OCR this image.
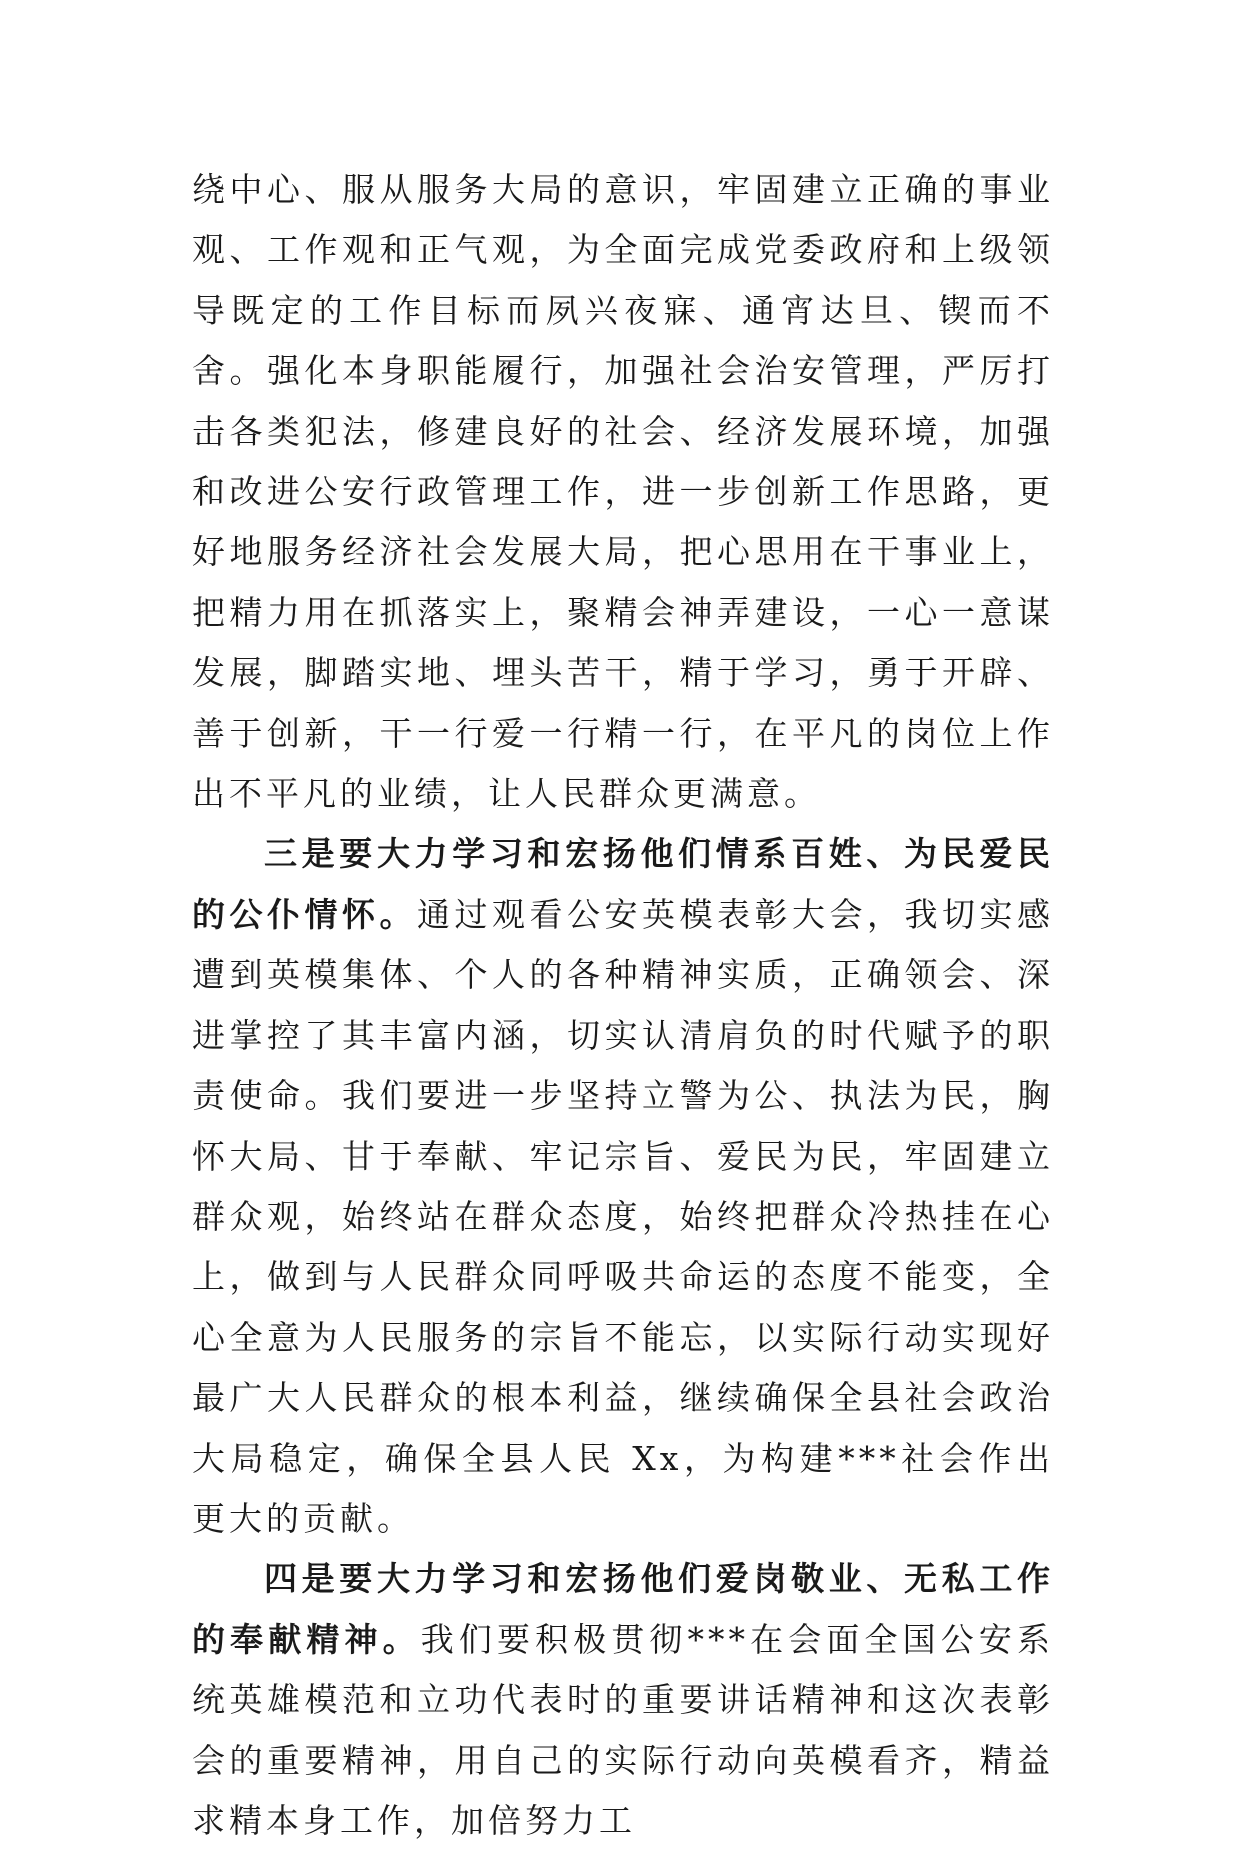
绕中心、服从服务大局的意识，牢固建立正确的事业观、工作观和正气观，为全面完成党委政府和上级领导既定的工作目标而夙兴夜寐、通宵达旦、锲而不舍。强化本身职能履行，加强社会治安管理，严厉打击各类犯法，修建良好的社会、经济发展环境，加强和改进公安行政管理工作，进一步创新工作思路，更好地服务经济社会发展大局，把心思用在干事业上，把精力用在抓落实上，聚精会神弄建设，一心一意谋发展，脚踏实地、埋头苦干，精于学习，勇于开辟、善于创新，干一行爱一行精一行，在平凡的岗位上作出不平凡的业绩，让人民群众更满意。

三是要大力学习和宏扬他们情系百姓、为民爱民的公仆情怀。通过观看公安英模表彰大会，我切实感遭到英模集体、个人的各种精神实质，正确领会、深进掌控了其丰富内涵，切实认清肩负的时代赋予的职责使命。我们要进一步坚持立警为公、执法为民，胸怀大局、甘于奉献、牢记宗旨、爱民为民，牢固建立群众观，始终站在群众态度，始终把群众冷热挂在心上，做到与人民群众同呼吸共命运的态度不能变，全心全意为人民服务的宗旨不能忘，以实际行动实现好最广大人民群众的根本利益，继续确保全县社会政治大局稳定，确保全县人民 Xx，为构建***社会作出更大的贡献。

四是要大力学习和宏扬他们爱岗敬业、无私工作的奉献精神。我们要积极贯彻***在会面全国公安系统英雄模范和立功代表时的重要讲话精神和这次表彰会的重要精神，用自己的实际行动向英模看齐，精益求精本身工作，加倍努力工
